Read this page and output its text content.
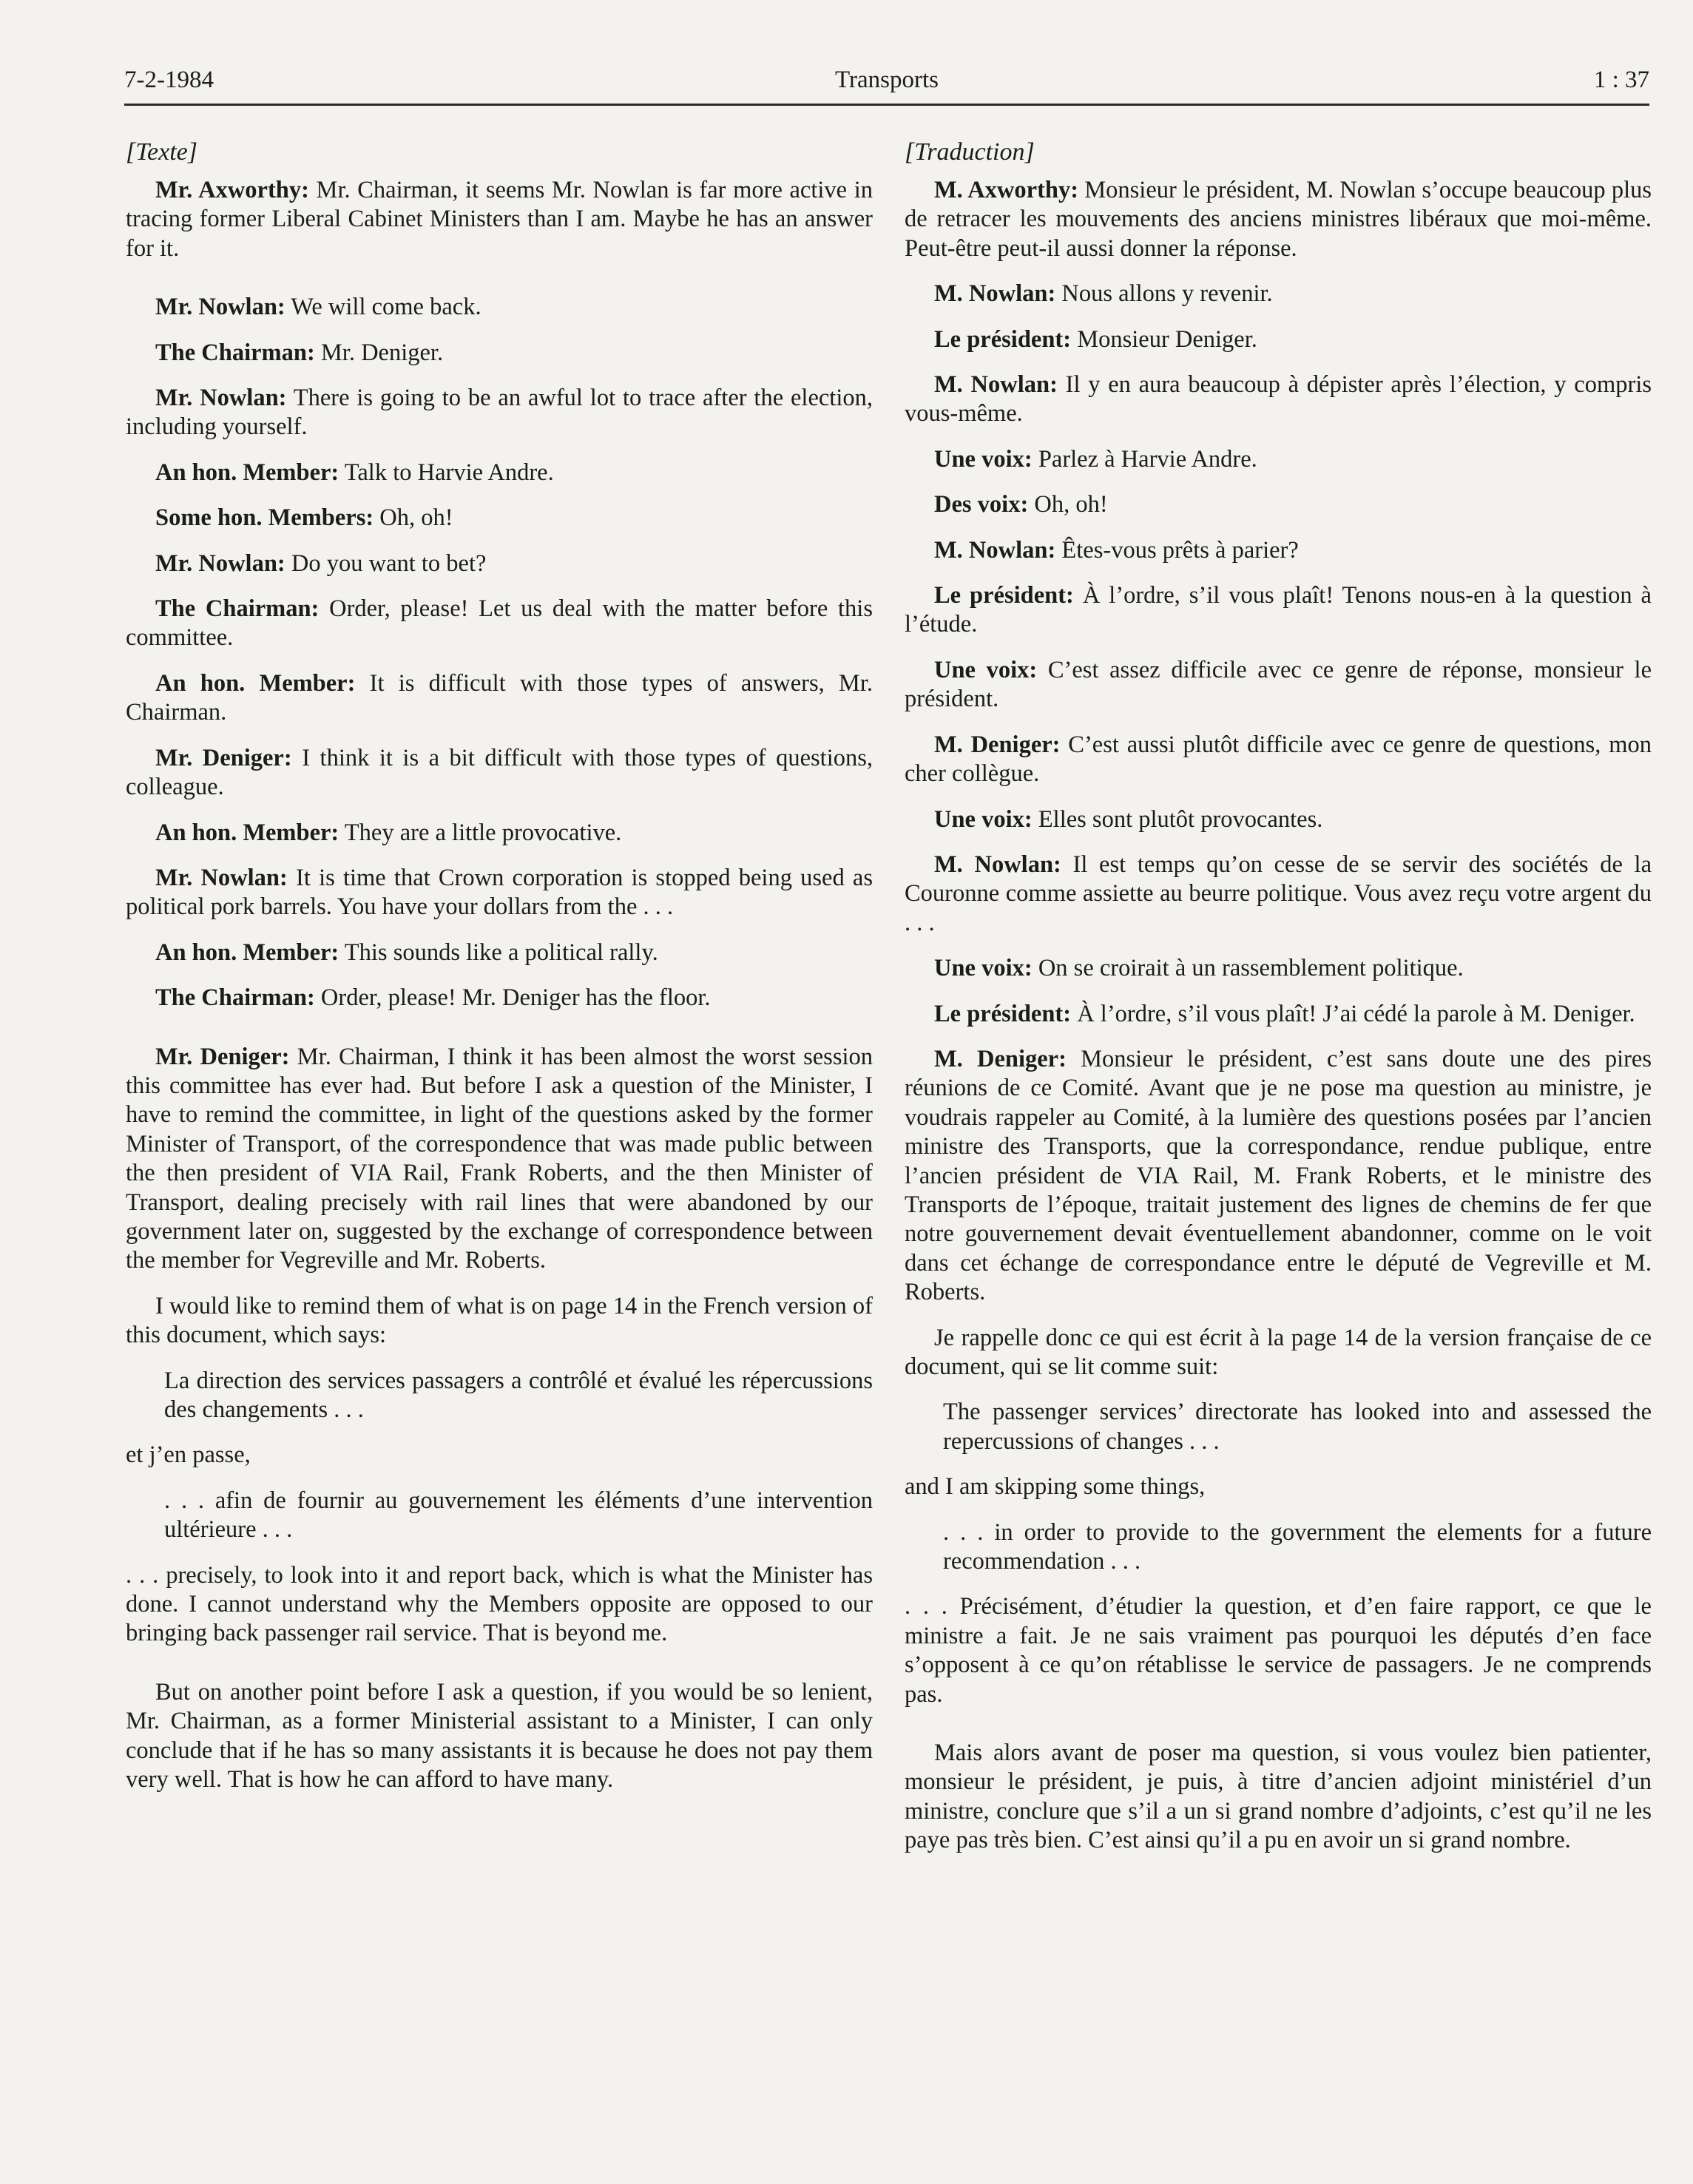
7-2-1984	Transports	1 : 37
[Texte]

Mr. Axworthy: Mr. Chairman, it seems Mr. Nowlan is far more active in tracing former Liberal Cabinet Ministers than I am. Maybe he has an answer for it.

Mr. Nowlan: We will come back.

The Chairman: Mr. Deniger.

Mr. Nowlan: There is going to be an awful lot to trace after the election, including yourself.

An hon. Member: Talk to Harvie Andre.

Some hon. Members: Oh, oh!

Mr. Nowlan: Do you want to bet?

The Chairman: Order, please! Let us deal with the matter before this committee.

An hon. Member: It is difficult with those types of answers, Mr. Chairman.

Mr. Deniger: I think it is a bit difficult with those types of questions, colleague.

An hon. Member: They are a little provocative.

Mr. Nowlan: It is time that Crown corporation is stopped being used as political pork barrels. You have your dollars from the . . .

An hon. Member: This sounds like a political rally.

The Chairman: Order, please! Mr. Deniger has the floor.

Mr. Deniger: Mr. Chairman, I think it has been almost the worst session this committee has ever had. But before I ask a question of the Minister, I have to remind the committee, in light of the questions asked by the former Minister of Transport, of the correspondence that was made public between the then president of VIA Rail, Frank Roberts, and the then Minister of Transport, dealing precisely with rail lines that were abandoned by our government later on, suggested by the exchange of correspondence between the member for Vegreville and Mr. Roberts.

I would like to remind them of what is on page 14 in the French version of this document, which says:

La direction des services passagers a contrôlé et évalué les répercussions des changements . . .

et j’en passe,

. . . afin de fournir au gouvernement les éléments d’une intervention ultérieure . . .

. . . precisely, to look into it and report back, which is what the Minister has done. I cannot understand why the Members opposite are opposed to our bringing back passenger rail service. That is beyond me.

But on another point before I ask a question, if you would be so lenient, Mr. Chairman, as a former Ministerial assistant to a Minister, I can only conclude that if he has so many assistants it is because he does not pay them very well. That is how he can afford to have many.

[Traduction]

M. Axworthy: Monsieur le président, M. Nowlan s’occupe beaucoup plus de retracer les mouvements des anciens ministres libéraux que moi-même. Peut-être peut-il aussi donner la réponse.

M. Nowlan: Nous allons y revenir.

Le président: Monsieur Deniger.

M. Nowlan: Il y en aura beaucoup à dépister après l’élection, y compris vous-même.

Une voix: Parlez à Harvie Andre.

Des voix: Oh, oh!

M. Nowlan: Êtes-vous prêts à parier?

Le président: À l’ordre, s’il vous plaît! Tenons nous-en à la question à l’étude.

Une voix: C’est assez difficile avec ce genre de réponse, monsieur le président.

M. Deniger: C’est aussi plutôt difficile avec ce genre de questions, mon cher collègue.

Une voix: Elles sont plutôt provocantes.

M. Nowlan: Il est temps qu’on cesse de se servir des sociétés de la Couronne comme assiette au beurre politique. Vous avez reçu votre argent du . . .

Une voix: On se croirait à un rassemblement politique.

Le président: À l’ordre, s’il vous plaît! J’ai cédé la parole à M. Deniger.

M. Deniger: Monsieur le président, c’est sans doute une des pires réunions de ce Comité. Avant que je ne pose ma question au ministre, je voudrais rappeler au Comité, à la lumière des questions posées par l’ancien ministre des Transports, que la correspondance, rendue publique, entre l’ancien président de VIA Rail, M. Frank Roberts, et le ministre des Transports de l’époque, traitait justement des lignes de chemins de fer que notre gouvernement devait éventuellement abandonner, comme on le voit dans cet échange de correspondance entre le député de Vegreville et M. Roberts.

Je rappelle donc ce qui est écrit à la page 14 de la version française de ce document, qui se lit comme suit:

The passenger services’ directorate has looked into and assessed the repercussions of changes . . .

and I am skipping some things,

. . . in order to provide to the government the elements for a future recommendation . . .

. . . Précisément, d’étudier la question, et d’en faire rapport, ce que le ministre a fait. Je ne sais vraiment pas pourquoi les députés d’en face s’opposent à ce qu’on rétablisse le service de passagers. Je ne comprends pas.

Mais alors avant de poser ma question, si vous voulez bien patienter, monsieur le président, je puis, à titre d’ancien adjoint ministériel d’un ministre, conclure que s’il a un si grand nombre d’adjoints, c’est qu’il ne les paye pas très bien. C’est ainsi qu’il a pu en avoir un si grand nombre.
